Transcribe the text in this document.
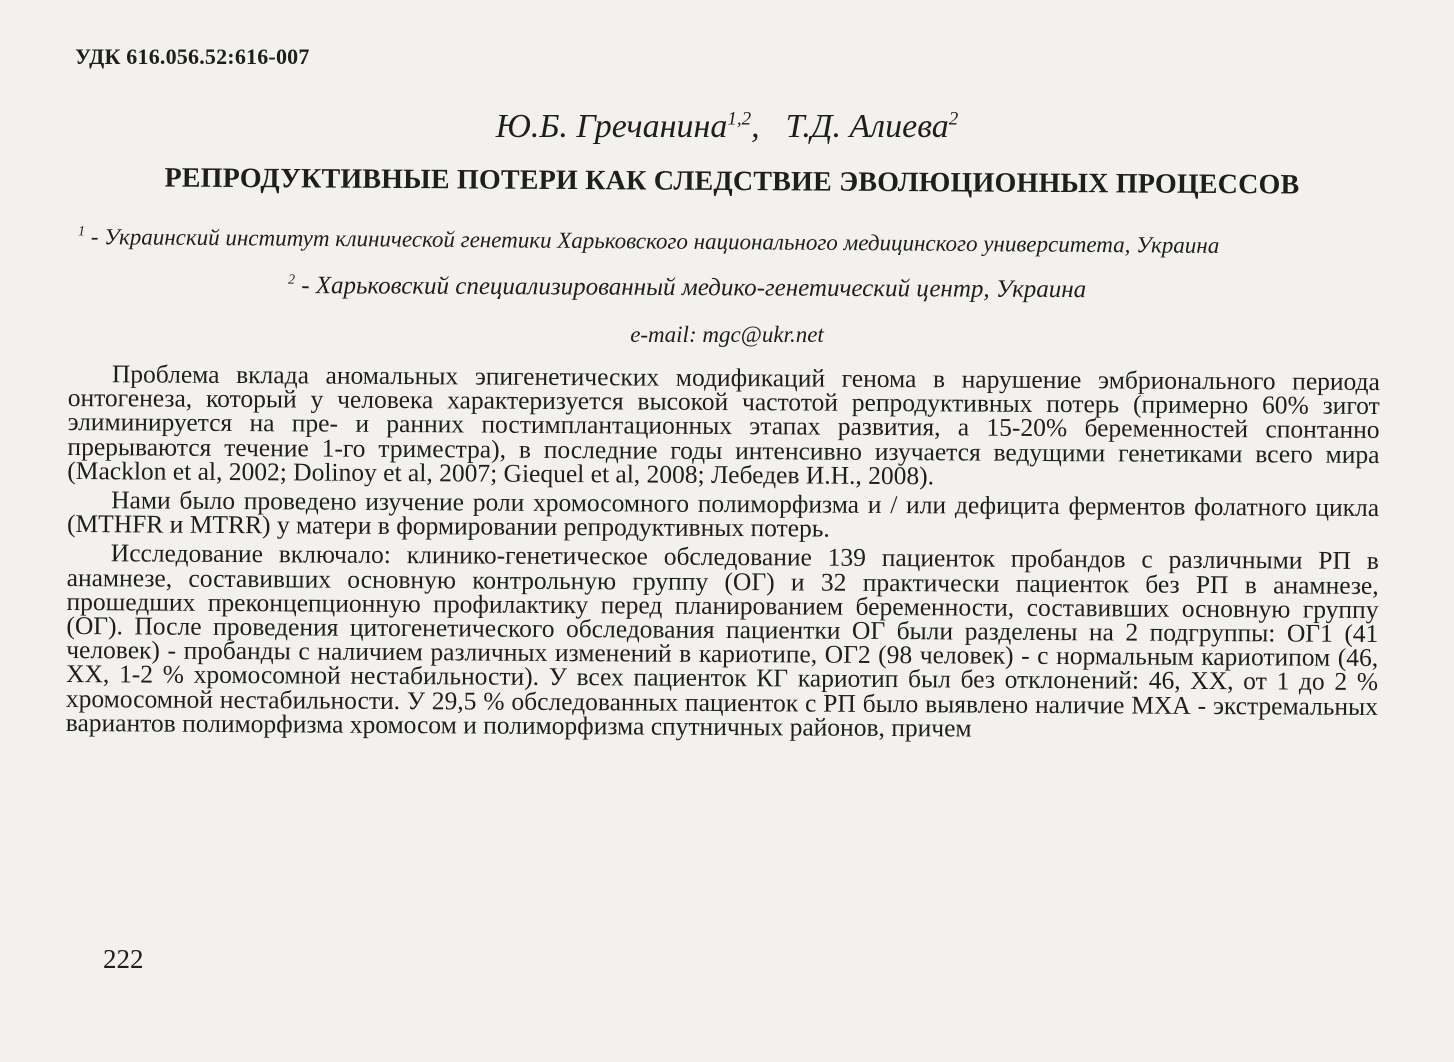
УДК 616.056.52:616-007
Ю.Б. Гречанина$^{1,2}$, Т.Д. Алиева$^2$
РЕПРОДУКТИВНЫЕ ПОТЕРИ КАК СЛЕДСТВИЕ ЭВОЛЮЦИОННЫХ ПРОЦЕССОВ
$^1$ - Украинский институт клинической генетики Харьковского национального медицинского университета, Украина
$^2$ - Харьковский специализированный медико-генетический центр, Украина
e-mail: mgc@ukr.net

Проблема вклада аномальных эпигенетических модификаций генома в нарушение эмбрионального периода онтогенеза, который у человека характеризуется высокой частотой репродуктивных потерь (примерно 60% зигот элиминируется на пре- и ранних постимплантационных этапах развития, а 15-20% беременностей спонтанно прерываются течение 1-го триместра), в последние годы интенсивно изучается ведущими генетиками всего мира (Macklon et al, 2002; Dolinoy et al, 2007; Giequel et al, 2008; Лебедев И.Н., 2008).

Нами было проведено изучение роли хромосомного полиморфизма и / или дефицита ферментов фолатного цикла (MTHFR и MTRR) у матери в формировании репродуктивных потерь.

Исследование включало: клинико-генетическое обследование 139 пациенток пробандов с различными РП в анамнезе, составивших основную контрольную группу (ОГ) и 32 практически пациенток без РП в анамнезе, прошедших преконцепционную профилактику перед планированием беременности, составивших основную группу (ОГ). После проведения цитогенетического обследования пациентки ОГ были разделены на 2 подгруппы: ОГ1 (41 человек) - пробанды с наличием различных изменений в кариотипе, ОГ2 (98 человек) - с нормальным кариотипом (46, XX, 1-2 % хромосомной нестабильности). У всех пациенток КГ кариотип был без отклонений: 46, XX, от 1 до 2 % хромосомной нестабильности. У 29,5 % обследованных пациенток с РП было выявлено наличие МХА - экстремальных вариантов полиморфизма хромосом и полиморфизма спутничных районов, причем

222
